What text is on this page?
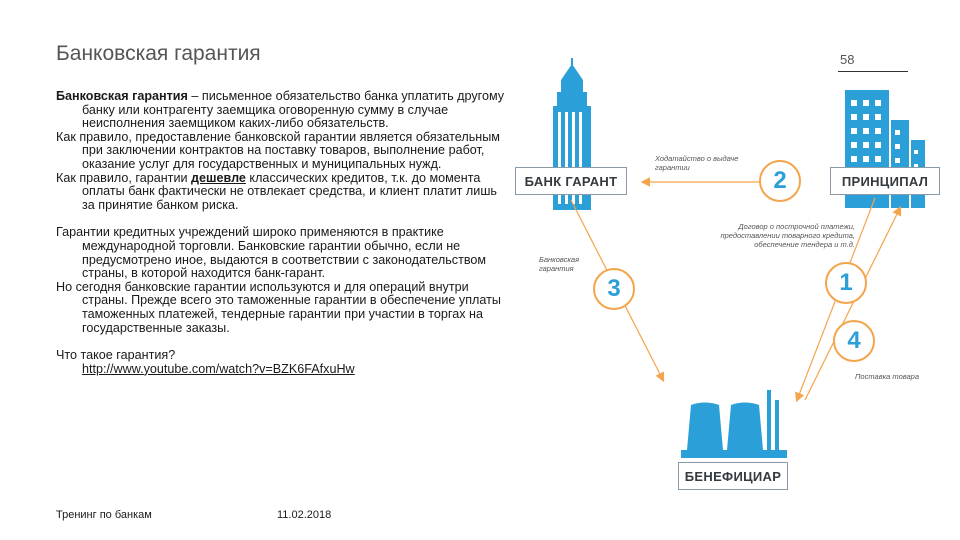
Банковская гарантия	58

Банковская гарантия – письменное обязательство банка уплатить другому банку или контрагенту заемщика оговоренную сумму в случае неисполнения заемщиком каких-либо обязательств.

Как правило, предоставление банковской гарантии является обязательным при заключении контрактов на поставку товаров, выполнение работ, оказание услуг для государственных и муниципальных нужд.

Как правило, гарантии дешевле классических кредитов, т.к. до момента оплаты банк фактически не отвлекает средства, и клиент платит лишь за принятие банком риска.

Гарантии кредитных учреждений широко применяются в практике международной торговли. Банковские гарантии обычно, если не предусмотрено иное, выдаются в соответствии с законодательством страны, в которой находится банк-гарант.

Но сегодня банковские гарантии используются и для операций внутри страны. Прежде всего это таможенные гарантии в обеспечение уплаты таможенных платежей, тендерные гарантии при участии в торгах на государственные заказы.

Что такое гарантия?
http://www.youtube.com/watch?v=BZK6FAfxuHw

Тренинг по банкам	11.02.2018
БАНК ГАРАНТ	ПРИНЦИПАЛ
БЕНЕФИЦИАР
2
1
3
4
Ходатайство о выдаче гарантии
Договор о построчной платежи, предоставлении товарного кредита, обеспечение тендера и т.д.
Банковская гарантия
Поставка товара
